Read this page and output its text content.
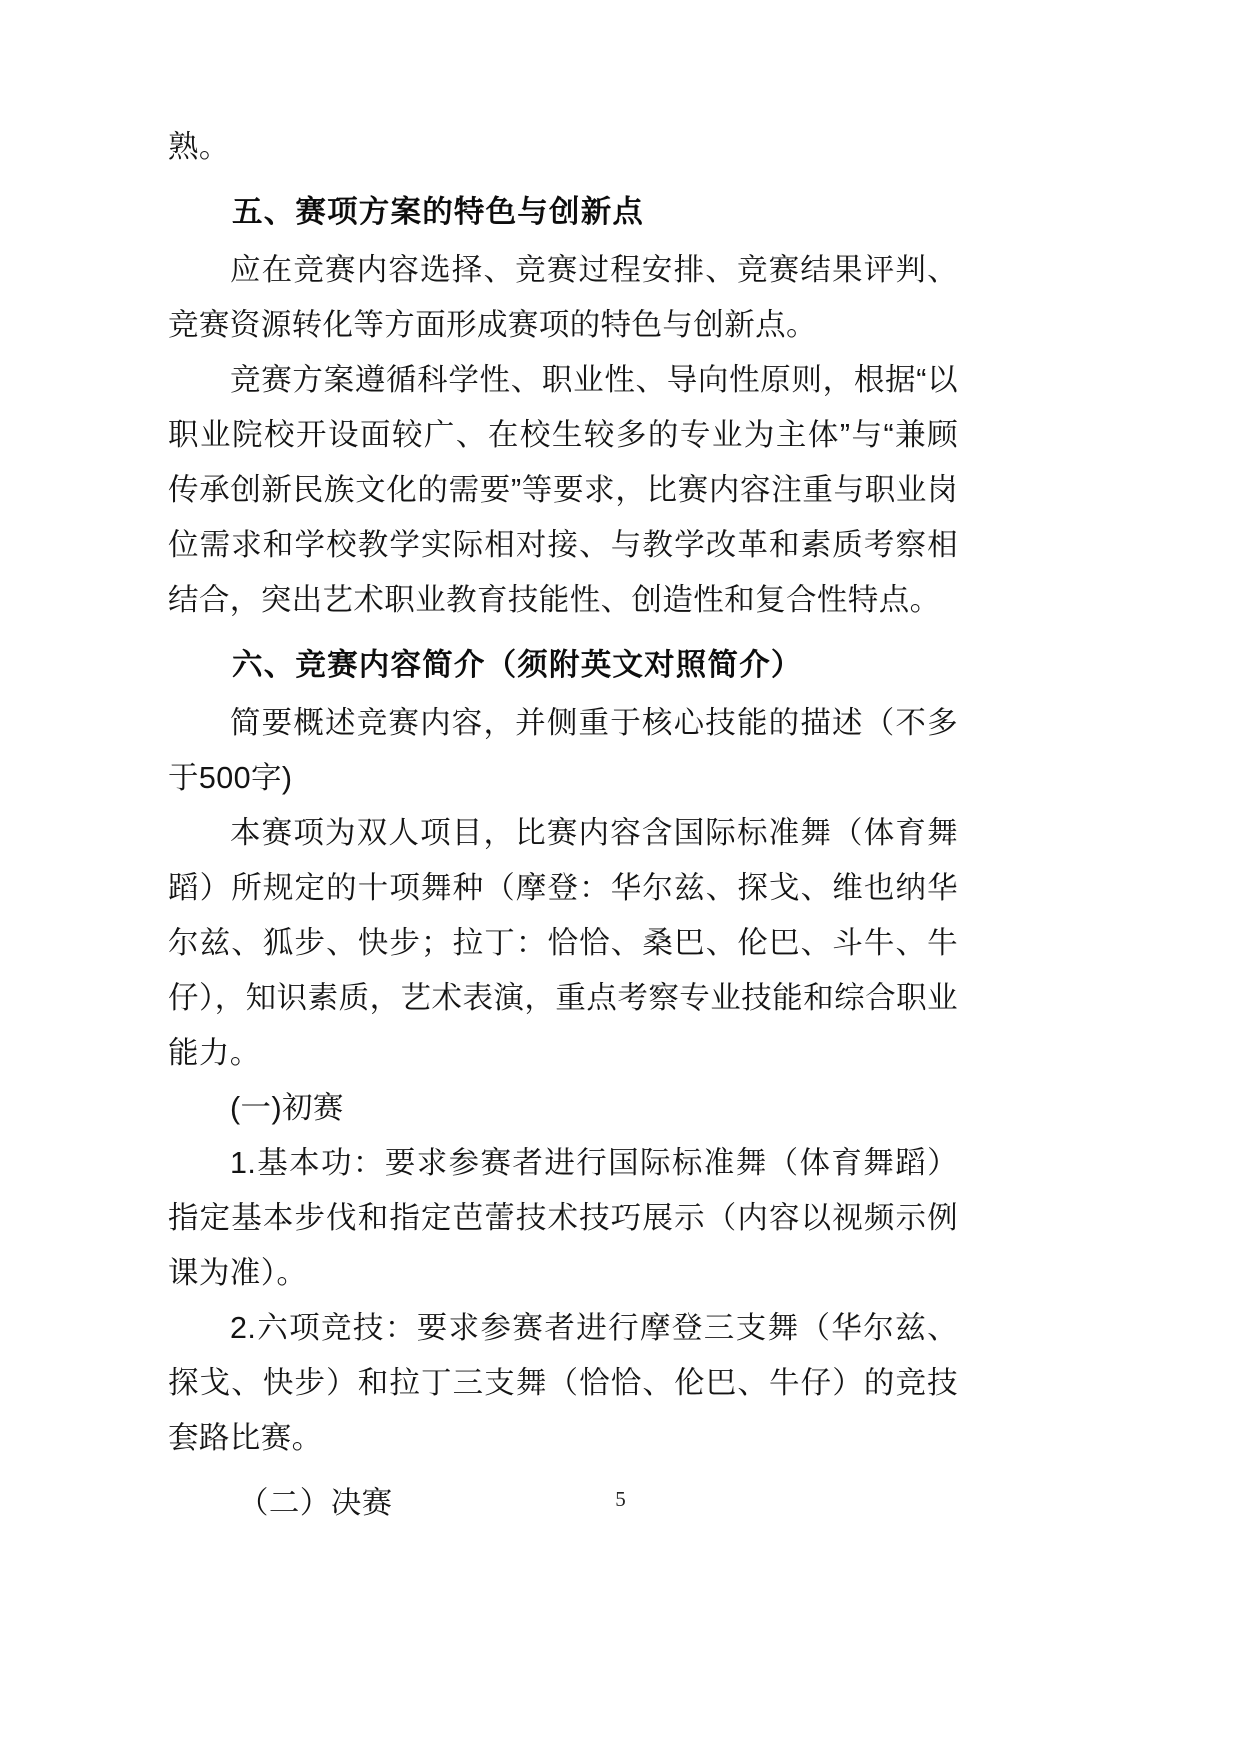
熟。

五、赛项方案的特色与创新点

应在竞赛内容选择、竞赛过程安排、竞赛结果评判、竞赛资源转化等方面形成赛项的特色与创新点。

竞赛方案遵循科学性、职业性、导向性原则，根据“以职业院校开设面较广、在校生较多的专业为主体”与“兼顾传承创新民族文化的需要”等要求，比赛内容注重与职业岗位需求和学校教学实际相对接、与教学改革和素质考察相结合，突出艺术职业教育技能性、创造性和复合性特点。

六、竞赛内容简介（须附英文对照简介）

简要概述竞赛内容，并侧重于核心技能的描述（不多于500字)

本赛项为双人项目，比赛内容含国际标准舞（体育舞蹈）所规定的十项舞种（摩登：华尔兹、探戈、维也纳华尔兹、狐步、快步；拉丁：恰恰、桑巴、伦巴、斗牛、牛仔），知识素质，艺术表演，重点考察专业技能和综合职业能力。

(一)初赛

1.基本功：要求参赛者进行国际标准舞（体育舞蹈）指定基本步伐和指定芭蕾技术技巧展示（内容以视频示例课为准）。

2.六项竞技：要求参赛者进行摩登三支舞（华尔兹、探戈、快步）和拉丁三支舞（恰恰、伦巴、牛仔）的竞技套路比赛。

（二）决赛	5
